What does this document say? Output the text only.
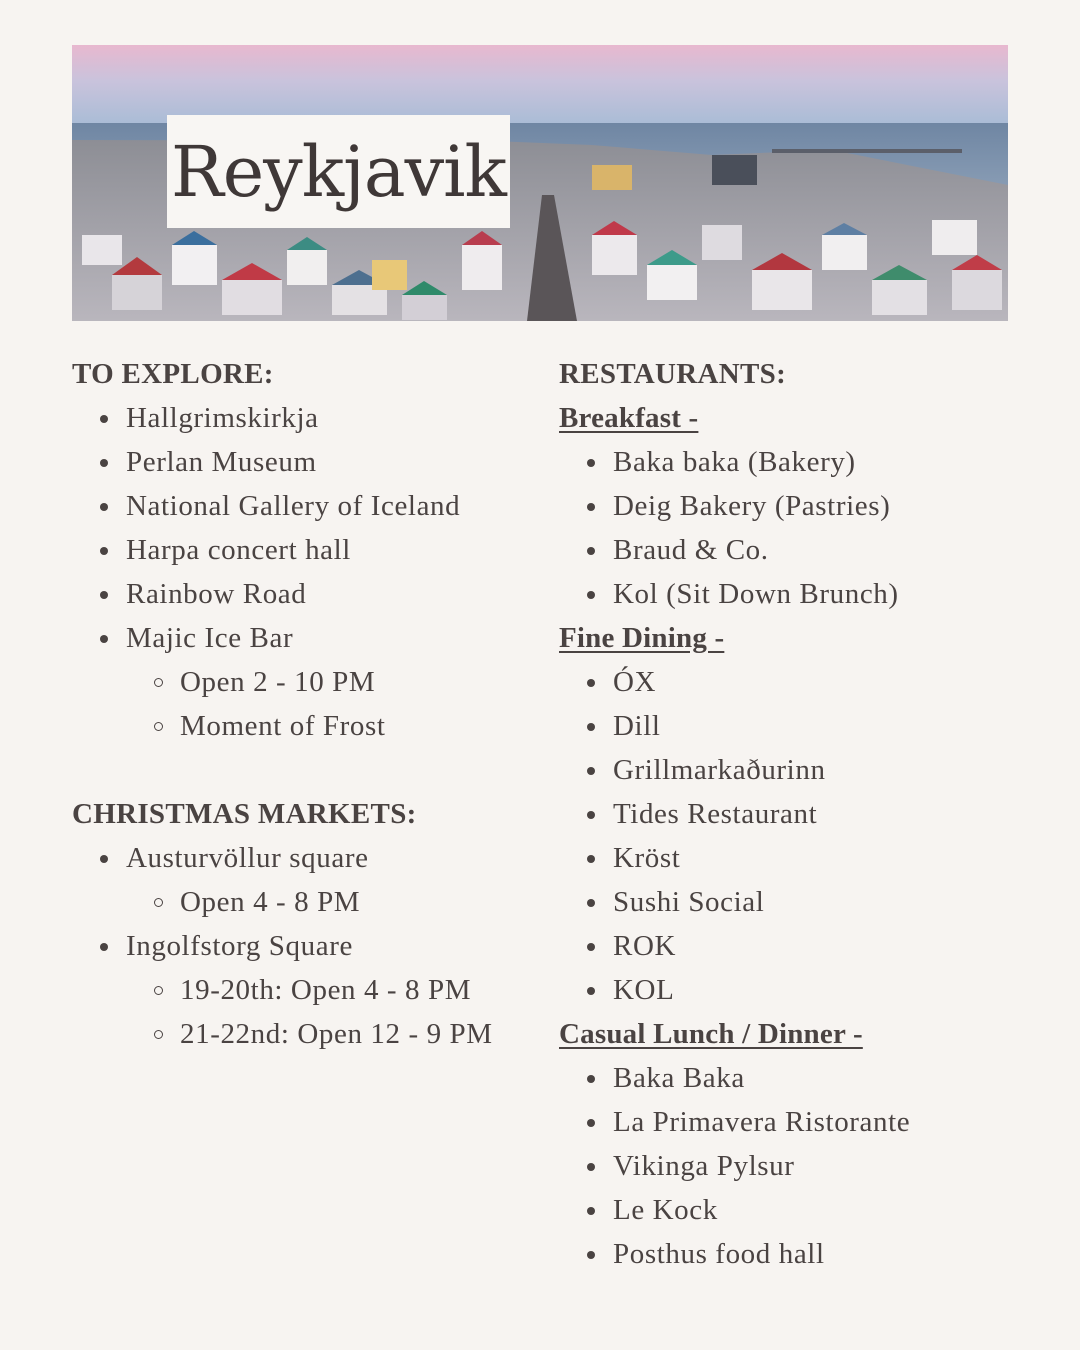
Reykjavik
TO EXPLORE:
Hallgrimskirkja
Perlan Museum
National Gallery of Iceland
Harpa concert hall
Rainbow Road
Majic Ice Bar
Open 2 - 10 PM
Moment of Frost
CHRISTMAS MARKETS:
Austurvöllur square
Open 4 - 8 PM
Ingolfstorg Square
19-20th: Open 4 - 8 PM
21-22nd: Open 12 - 9 PM
RESTAURANTS:
Breakfast -
Baka baka (Bakery)
Deig Bakery (Pastries)
Braud & Co.
Kol (Sit Down Brunch)
Fine Dining -
ÓX
Dill
Grillmarkaðurinn
Tides Restaurant
Kröst
Sushi Social
ROK
KOL
Casual Lunch / Dinner -
Baka Baka
La Primavera Ristorante
Vikinga Pylsur
Le Kock
Posthus food hall
